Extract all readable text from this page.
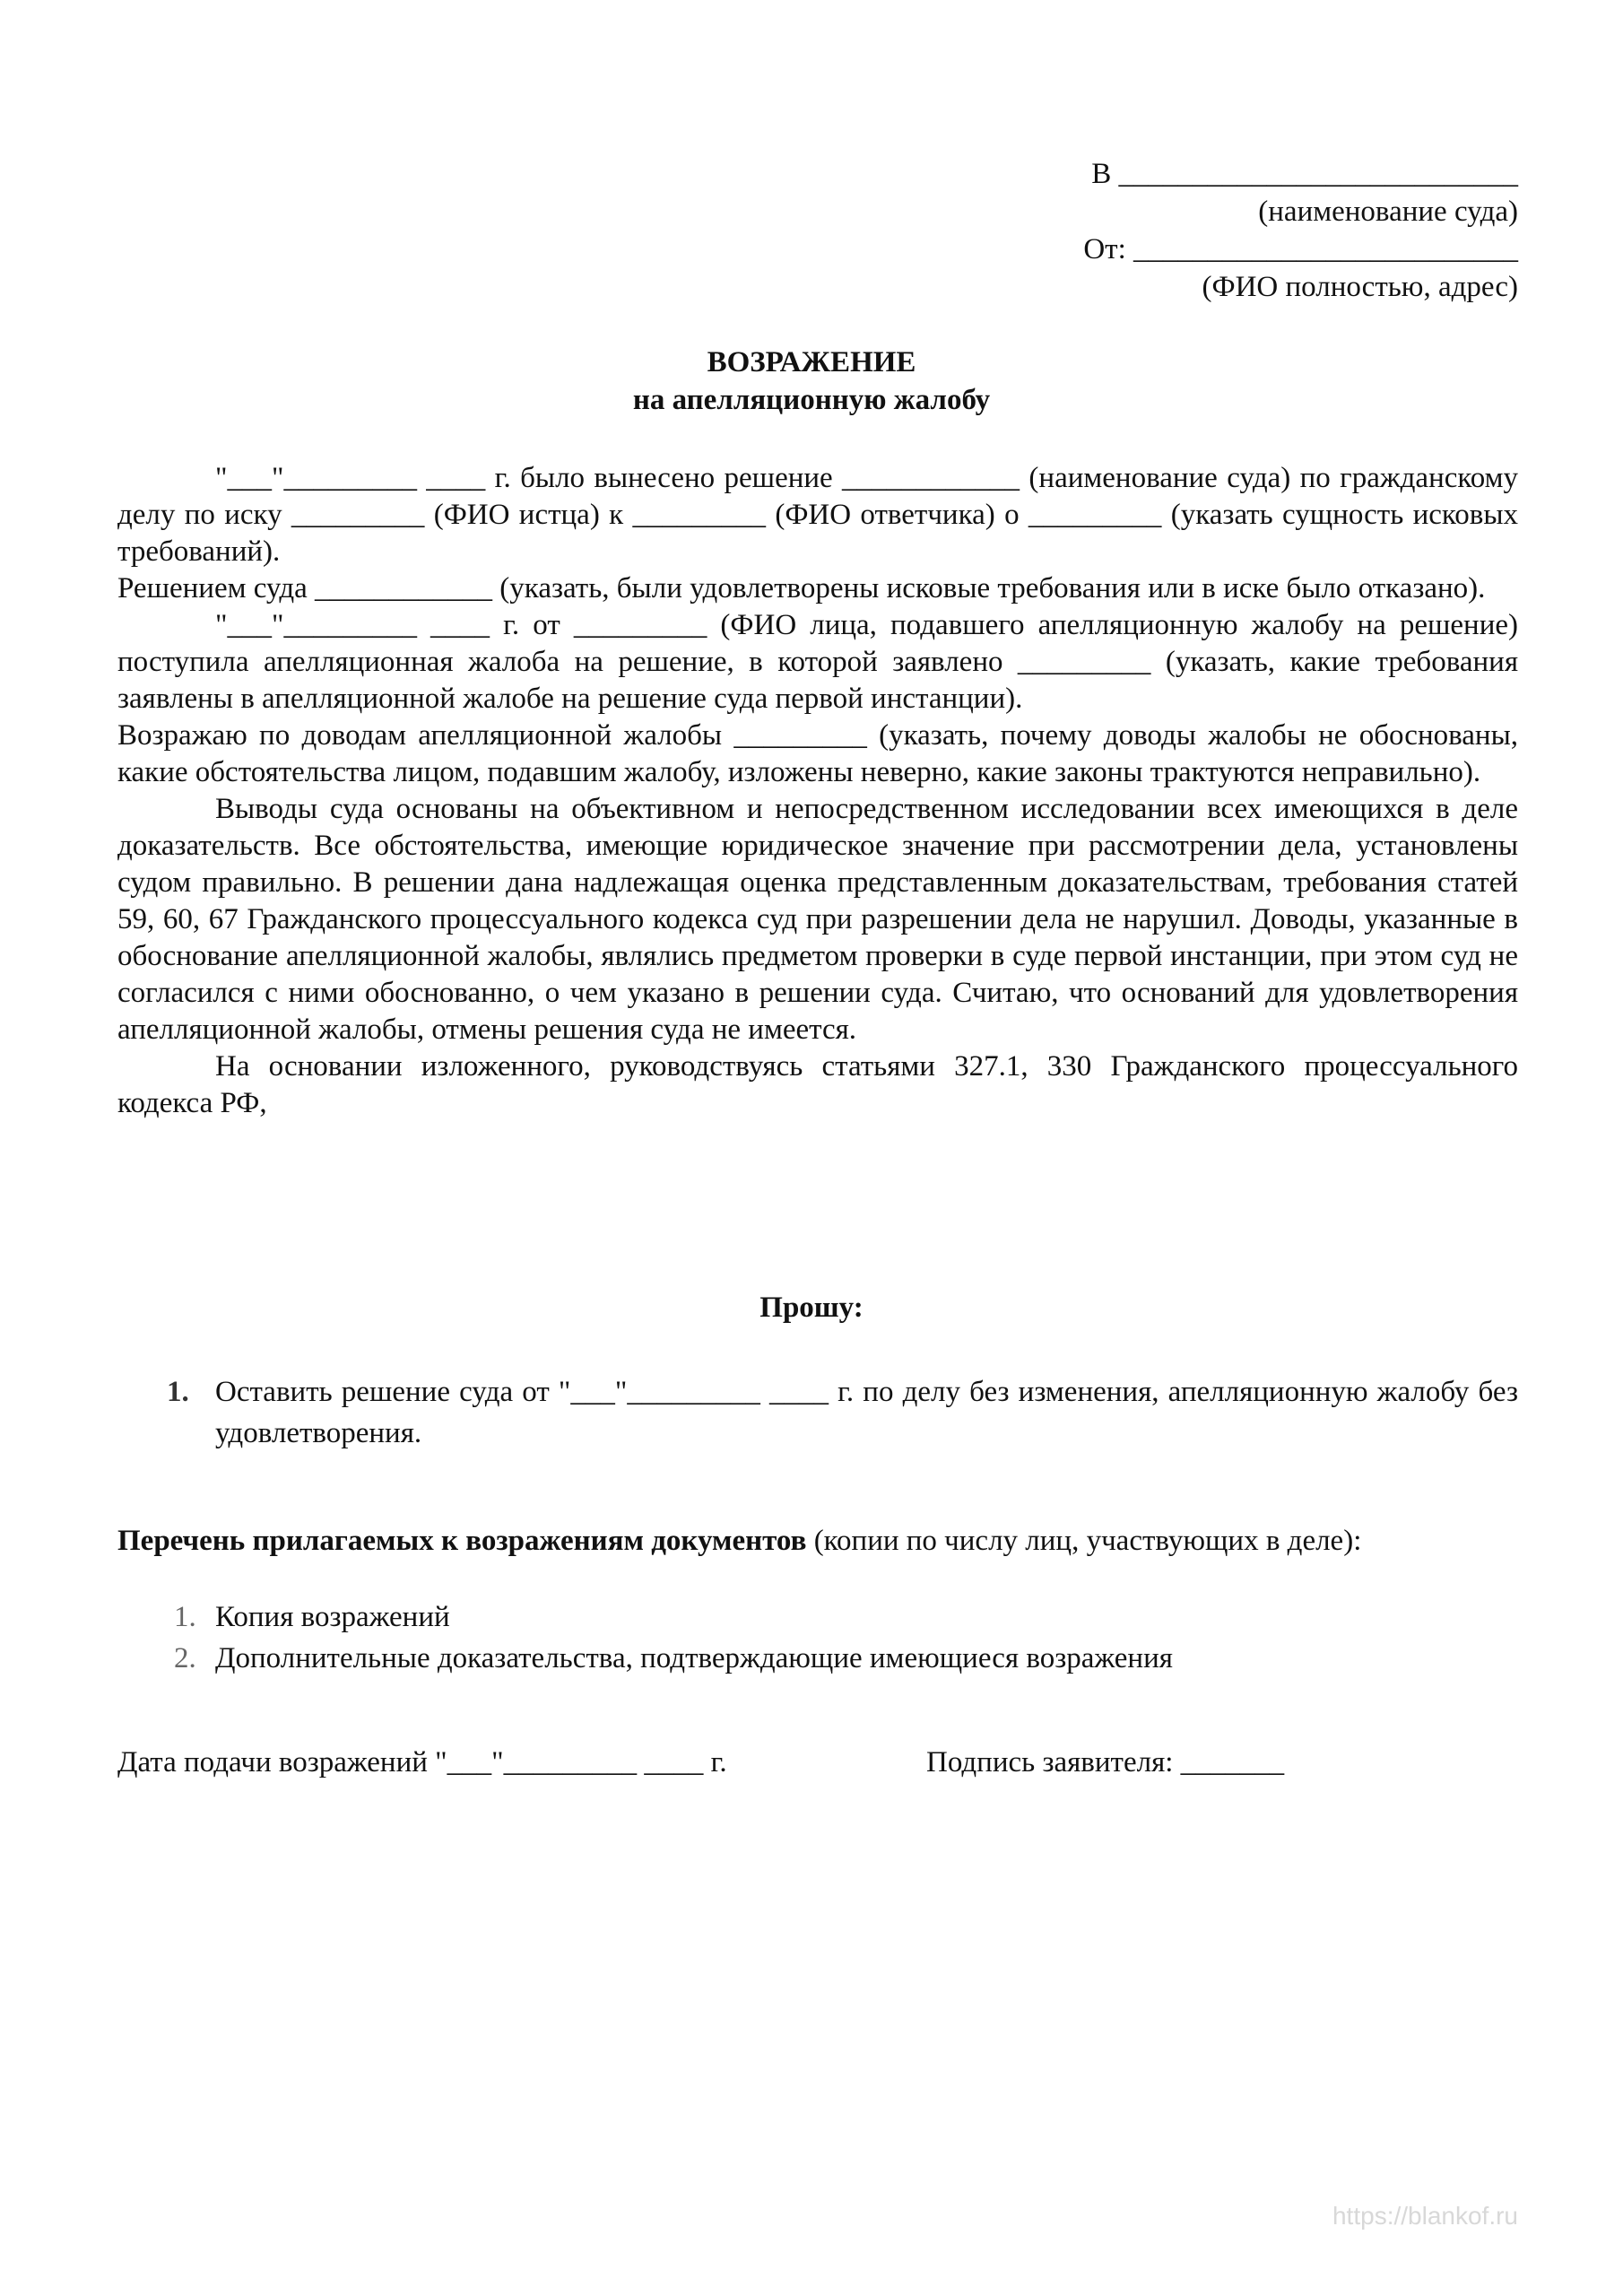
В ___________________________
(наименование суда)
От: __________________________
(ФИО полностью, адрес)
ВОЗРАЖЕНИЕ
на апелляционную жалобу

"___"_________ ____ г. было вынесено решение ____________ (наименование суда) по гражданскому делу по иску _________ (ФИО истца) к _________ (ФИО ответчика) о _________ (указать сущность исковых требований).

Решением суда ____________ (указать, были удовлетворены исковые требования или в иске было отказано).

"___"_________ ____ г. от _________ (ФИО лица, подавшего апелляционную жалобу на решение) поступила апелляционная жалоба на решение, в которой заявлено _________ (указать, какие требования заявлены в апелляционной жалобе на решение суда первой инстанции).

Возражаю по доводам апелляционной жалобы _________ (указать, почему доводы жалобы не обоснованы, какие обстоятельства лицом, подавшим жалобу, изложены неверно, какие законы трактуются неправильно).

Выводы суда основаны на объективном и непосредственном исследовании всех имеющихся в деле доказательств. Все обстоятельства, имеющие юридическое значение при рассмотрении дела, установлены судом правильно. В решении дана надлежащая оценка представленным доказательствам, требования статей 59, 60, 67 Гражданского процессуального кодекса суд при разрешении дела не нарушил. Доводы, указанные в обоснование апелляционной жалобы, являлись предметом проверки в суде первой инстанции, при этом суд не согласился с ними обоснованно, о чем указано в решении суда. Считаю, что оснований для удовлетворения апелляционной жалобы, отмены решения суда не имеется.

На основании изложенного, руководствуясь статьями 327.1, 330 Гражданского процессуального кодекса РФ,

Прошу:
1. Оставить решение суда от "___"_________ ____ г. по делу без изменения, апелляционную жалобу без удовлетворения.
Перечень прилагаемых к возражениям документов (копии по числу лиц, участвующих в деле):
1. Копия возражений
2. Дополнительные доказательства, подтверждающие имеющиеся возражения
Дата подачи возражений "___"_________ ____ г.	Подпись заявителя: _______
https://blankof.ru
